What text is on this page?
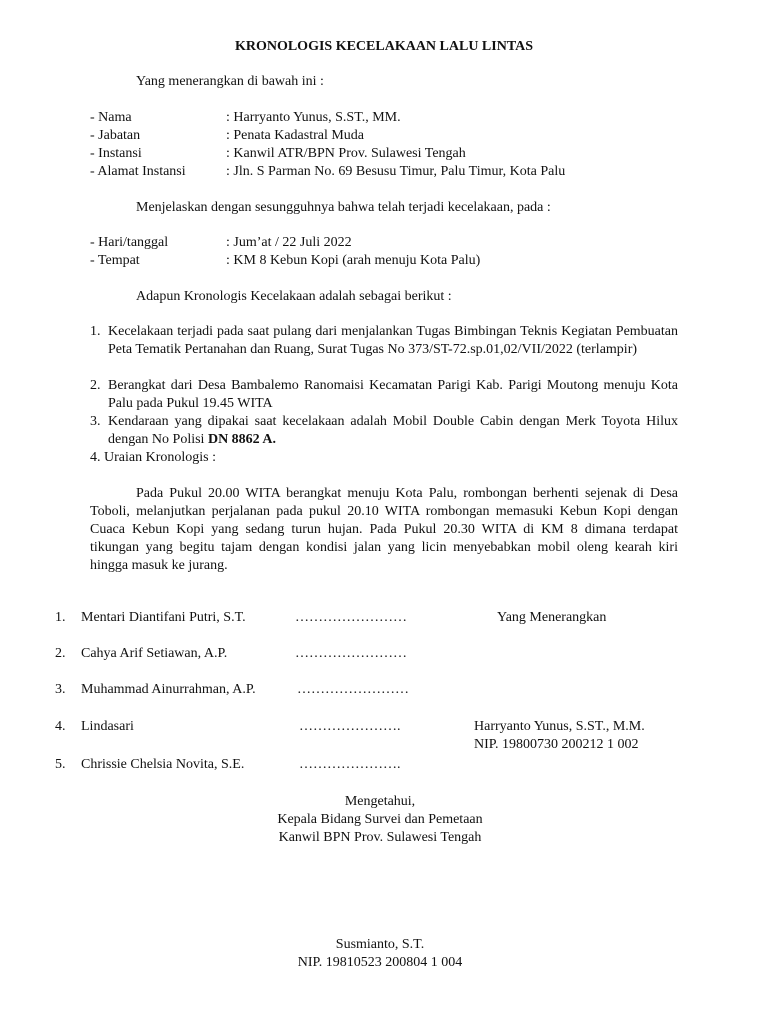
KRONOLOGIS KECELAKAAN LALU LINTAS
Yang menerangkan di bawah ini :
- Nama	: Harryanto Yunus, S.ST., MM.
- Jabatan	: Penata Kadastral Muda
- Instansi	: Kanwil ATR/BPN Prov. Sulawesi Tengah
- Alamat Instansi	: Jln. S Parman No. 69 Besusu Timur, Palu Timur, Kota Palu
Menjelaskan dengan sesungguhnya bahwa telah terjadi kecelakaan, pada :
- Hari/tanggal	: Jum’at / 22 Juli 2022
- Tempat	: KM 8 Kebun Kopi (arah menuju Kota Palu)
Adapun Kronologis Kecelakaan adalah sebagai berikut :
1. Kecelakaan terjadi pada saat pulang dari menjalankan Tugas Bimbingan Teknis Kegiatan Pembuatan Peta Tematik Pertanahan dan Ruang, Surat Tugas No 373/ST-72.sp.01,02/VII/2022 (terlampir)
2. Berangkat dari Desa Bambalemo Ranomaisi Kecamatan Parigi Kab. Parigi Moutong menuju Kota Palu pada Pukul 19.45 WITA
3. Kendaraan yang dipakai saat kecelakaan adalah Mobil Double Cabin dengan Merk Toyota Hilux dengan No Polisi DN 8862 A.
4. Uraian Kronologis :
Pada Pukul 20.00 WITA berangkat menuju Kota Palu, rombongan berhenti sejenak di Desa Toboli, melanjutkan perjalanan pada pukul 20.10 WITA rombongan memasuki Kebun Kopi dengan Cuaca Kebun Kopi yang sedang turun hujan. Pada Pukul 20.30 WITA di KM 8 dimana terdapat tikungan yang begitu tajam dengan kondisi jalan yang licin menyebabkan mobil oleng kearah kiri hingga masuk ke jurang.
1. Mentari Diantifani Putri, S.T.	……………………
2. Cahya Arif Setiawan, A.P.	……………………
3. Muhammad Ainurrahman, A.P.	……………………
4. Lindasari	………………….
5. Chrissie Chelsia Novita, S.E.	………………….
Yang Menerangkan
Harryanto Yunus, S.ST., M.M.
NIP. 19800730 200212 1 002
Mengetahui,
Kepala Bidang Survei dan Pemetaan
Kanwil BPN Prov. Sulawesi Tengah
Susmianto, S.T.
NIP. 19810523 200804 1 004
